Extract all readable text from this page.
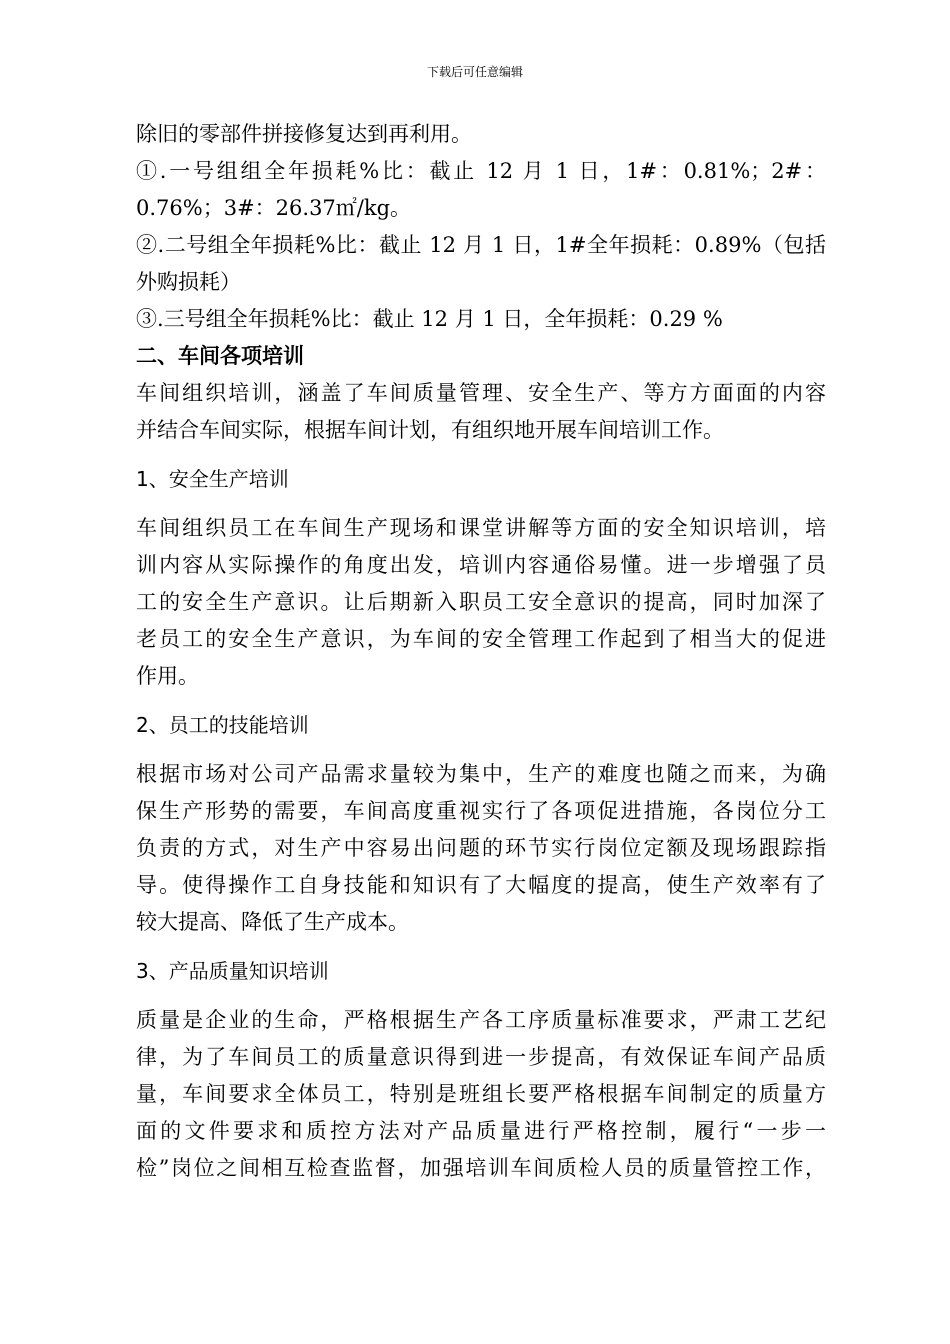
下载后可任意编辑
除旧的零部件拼接修复达到再利用。
①.一号组组全年损耗%比：截止 12 月 1 日，1#：0.81%；2#：
0.76%；3#：26.37㎡/kg。
②.二号组全年损耗%比：截止 12 月 1 日，1#全年损耗：0.89%（包括
外购损耗）
③.三号组全年损耗%比：截止 12 月 1 日，全年损耗：0.29 %
二、车间各项培训
车间组织培训，涵盖了车间质量管理、安全生产、等方方面面的内容
并结合车间实际，根据车间计划，有组织地开展车间培训工作。
1、安全生产培训
车间组织员工在车间生产现场和课堂讲解等方面的安全知识培训，培
训内容从实际操作的角度出发，培训内容通俗易懂。进一步增强了员
工的安全生产意识。让后期新入职员工安全意识的提高，同时加深了
老员工的安全生产意识，为车间的安全管理工作起到了相当大的促进
作用。
2、员工的技能培训
根据市场对公司产品需求量较为集中，生产的难度也随之而来，为确
保生产形势的需要，车间高度重视实行了各项促进措施，各岗位分工
负责的方式，对生产中容易出问题的环节实行岗位定额及现场跟踪指
导。使得操作工自身技能和知识有了大幅度的提高，使生产效率有了
较大提高、降低了生产成本。
3、产品质量知识培训
质量是企业的生命，严格根据生产各工序质量标准要求，严肃工艺纪
律，为了车间员工的质量意识得到进一步提高，有效保证车间产品质
量，车间要求全体员工，特别是班组长要严格根据车间制定的质量方
面的文件要求和质控方法对产品质量进行严格控制，履行“一步一
检”岗位之间相互检查监督，加强培训车间质检人员的质量管控工作，
